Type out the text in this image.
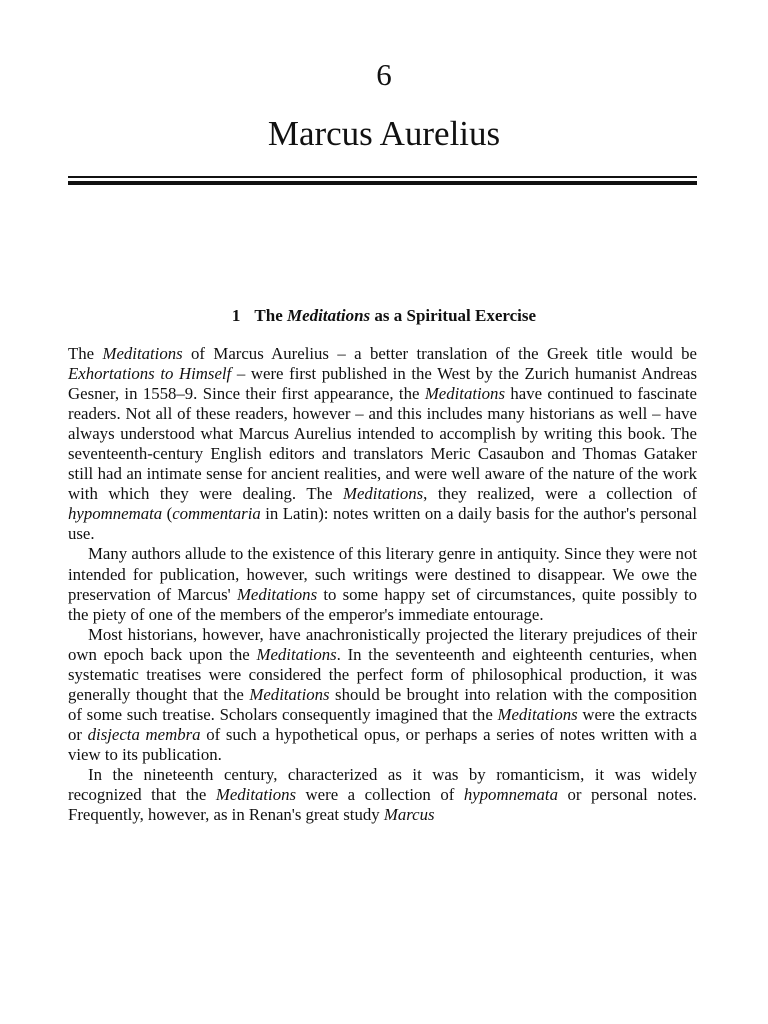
6
Marcus Aurelius
1 The Meditations as a Spiritual Exercise

The Meditations of Marcus Aurelius – a better translation of the Greek title would be Exhortations to Himself – were first published in the West by the Zurich humanist Andreas Gesner, in 1558–9. Since their first appearance, the Meditations have continued to fascinate readers. Not all of these readers, however – and this includes many historians as well – have always understood what Marcus Aurelius intended to accomplish by writing this book. The seventeenth-century English editors and translators Meric Casaubon and Thomas Gataker still had an intimate sense for ancient realities, and were well aware of the nature of the work with which they were dealing. The Meditations, they realized, were a collection of hypomnemata (commentaria in Latin): notes written on a daily basis for the author's personal use.

Many authors allude to the existence of this literary genre in antiquity. Since they were not intended for publication, however, such writings were destined to disappear. We owe the preservation of Marcus' Meditations to some happy set of circumstances, quite possibly to the piety of one of the members of the emperor's immediate entourage.

Most historians, however, have anachronistically projected the literary prejudices of their own epoch back upon the Meditations. In the seventeenth and eighteenth centuries, when systematic treatises were considered the perfect form of philosophical production, it was generally thought that the Meditations should be brought into relation with the composition of some such treatise. Scholars consequently imagined that the Meditations were the extracts or disjecta membra of such a hypothetical opus, or perhaps a series of notes written with a view to its publication.

In the nineteenth century, characterized as it was by romanticism, it was widely recognized that the Meditations were a collection of hypomnemata or personal notes. Frequently, however, as in Renan's great study Marcus
